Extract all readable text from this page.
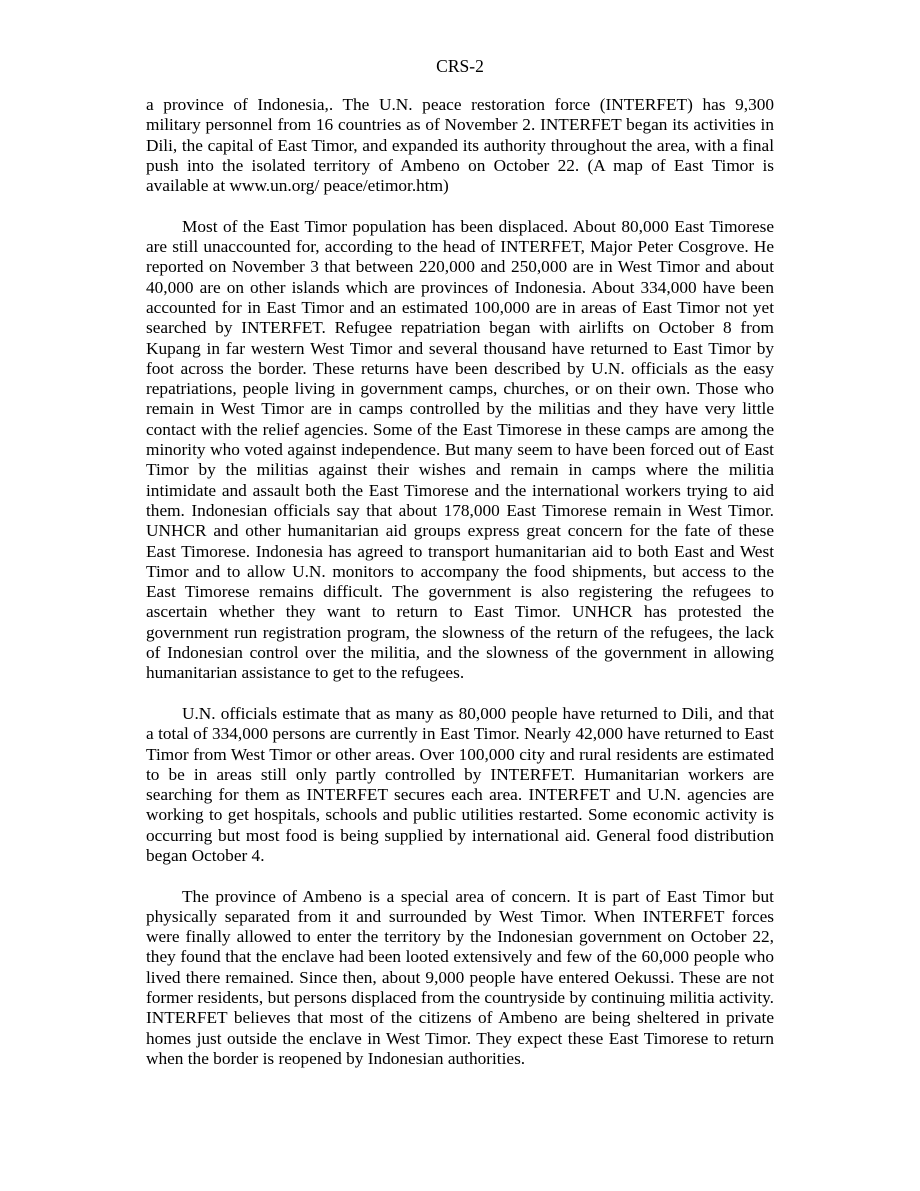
CRS-2

a province of Indonesia,. The U.N. peace restoration force (INTERFET) has 9,300 military personnel from 16 countries as of November 2. INTERFET began its activities in Dili, the capital of East Timor, and expanded its authority throughout the area, with a final push into the isolated territory of Ambeno on October 22. (A map of East Timor is available at www.un.org/ peace/etimor.htm)

Most of the East Timor population has been displaced. About 80,000 East Timorese are still unaccounted for, according to the head of INTERFET, Major Peter Cosgrove. He reported on November 3 that between 220,000 and 250,000 are in West Timor and about 40,000 are on other islands which are provinces of Indonesia. About 334,000 have been accounted for in East Timor and an estimated 100,000 are in areas of East Timor not yet searched by INTERFET. Refugee repatriation began with airlifts on October 8 from Kupang in far western West Timor and several thousand have returned to East Timor by foot across the border. These returns have been described by U.N. officials as the easy repatriations, people living in government camps, churches, or on their own. Those who remain in West Timor are in camps controlled by the militias and they have very little contact with the relief agencies. Some of the East Timorese in these camps are among the minority who voted against independence. But many seem to have been forced out of East Timor by the militias against their wishes and remain in camps where the militia intimidate and assault both the East Timorese and the international workers trying to aid them. Indonesian officials say that about 178,000 East Timorese remain in West Timor. UNHCR and other humanitarian aid groups express great concern for the fate of these East Timorese. Indonesia has agreed to transport humanitarian aid to both East and West Timor and to allow U.N. monitors to accompany the food shipments, but access to the East Timorese remains difficult. The government is also registering the refugees to ascertain whether they want to return to East Timor. UNHCR has protested the government run registration program, the slowness of the return of the refugees, the lack of Indonesian control over the militia, and the slowness of the government in allowing humanitarian assistance to get to the refugees.

U.N. officials estimate that as many as 80,000 people have returned to Dili, and that a total of 334,000 persons are currently in East Timor. Nearly 42,000 have returned to East Timor from West Timor or other areas. Over 100,000 city and rural residents are estimated to be in areas still only partly controlled by INTERFET. Humanitarian workers are searching for them as INTERFET secures each area. INTERFET and U.N. agencies are working to get hospitals, schools and public utilities restarted. Some economic activity is occurring but most food is being supplied by international aid. General food distribution began October 4.

The province of Ambeno is a special area of concern. It is part of East Timor but physically separated from it and surrounded by West Timor. When INTERFET forces were finally allowed to enter the territory by the Indonesian government on October 22, they found that the enclave had been looted extensively and few of the 60,000 people who lived there remained. Since then, about 9,000 people have entered Oekussi. These are not former residents, but persons displaced from the countryside by continuing militia activity. INTERFET believes that most of the citizens of Ambeno are being sheltered in private homes just outside the enclave in West Timor. They expect these East Timorese to return when the border is reopened by Indonesian authorities.
